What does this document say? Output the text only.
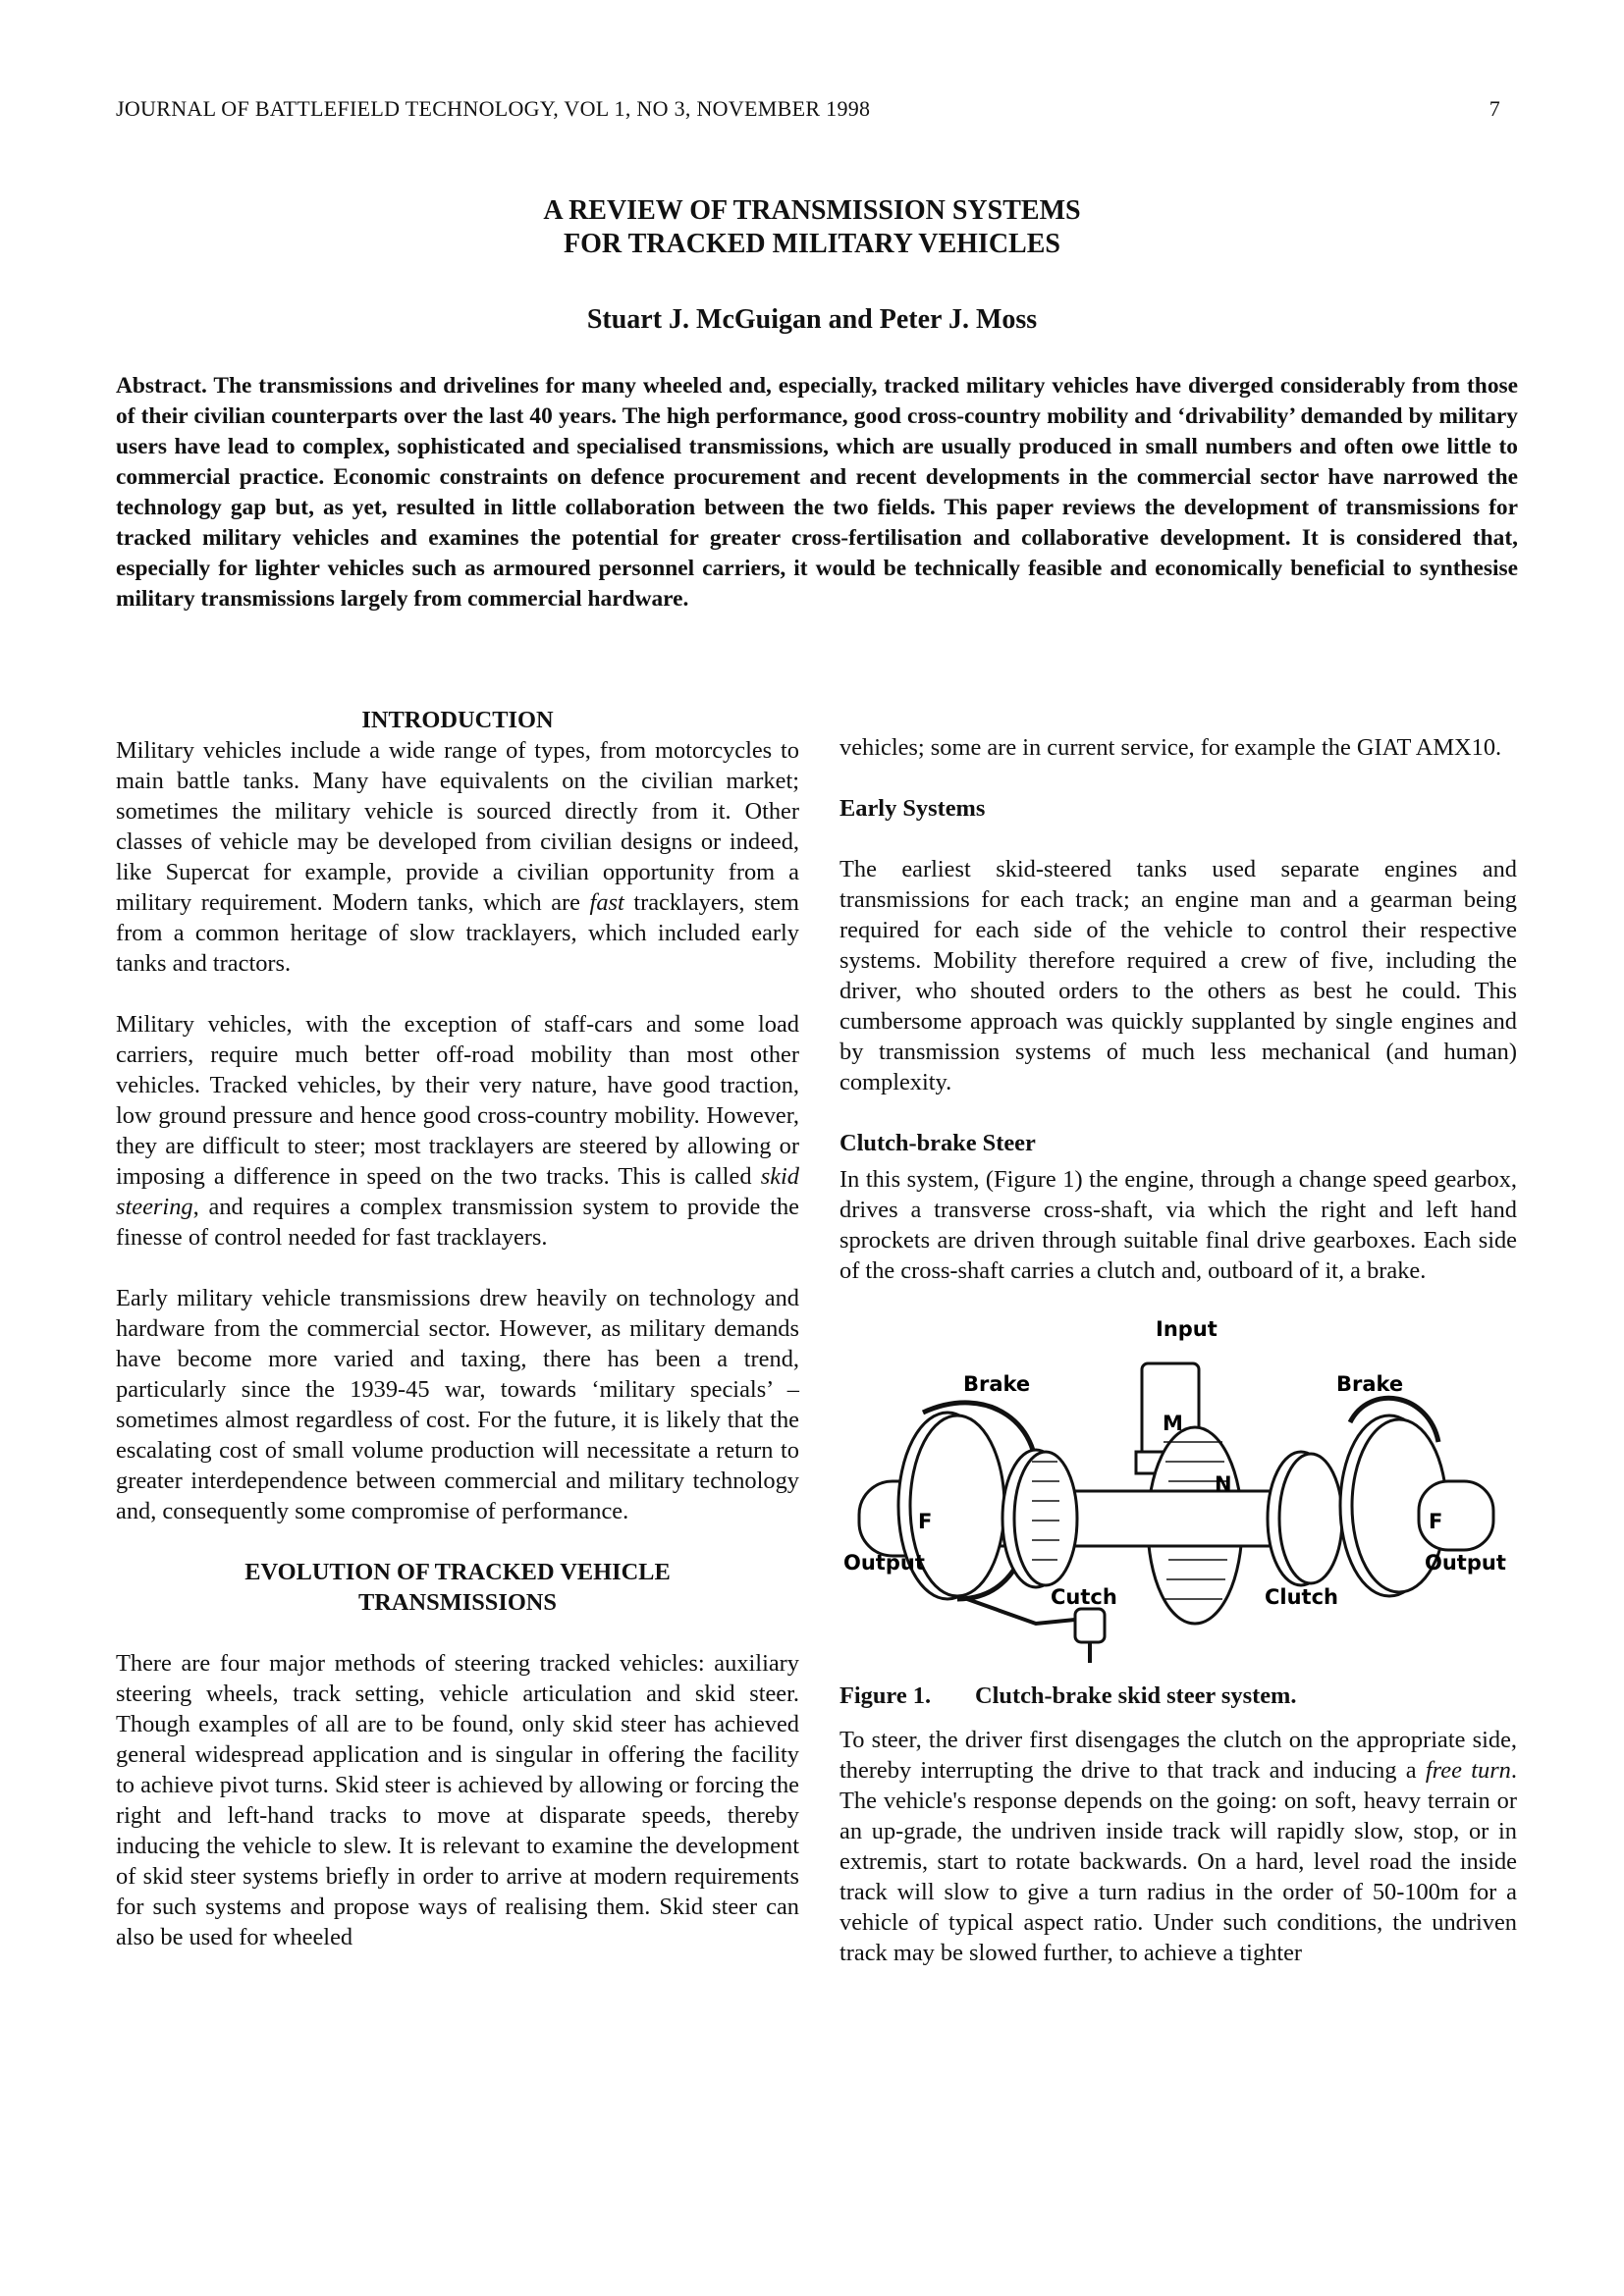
JOURNAL OF BATTLEFIELD TECHNOLOGY, VOL 1, NO 3, NOVEMBER 1998	7
A REVIEW OF TRANSMISSION SYSTEMS
FOR TRACKED MILITARY VEHICLES
Stuart J. McGuigan and Peter J. Moss

Abstract. The transmissions and drivelines for many wheeled and, especially, tracked military vehicles have diverged considerably from those of their civilian counterparts over the last 40 years. The high performance, good cross-country mobility and ‘drivability’ demanded by military users have lead to complex, sophisticated and specialised transmissions, which are usually produced in small numbers and often owe little to commercial practice. Economic constraints on defence procurement and recent developments in the commercial sector have narrowed the technology gap but, as yet, resulted in little collaboration between the two fields. This paper reviews the development of transmissions for tracked military vehicles and examines the potential for greater cross-fertilisation and collaborative development. It is considered that, especially for lighter vehicles such as armoured personnel carriers, it would be technically feasible and economically beneficial to synthesise military transmissions largely from commercial hardware.

INTRODUCTION

Military vehicles include a wide range of types, from motorcycles to main battle tanks. Many have equivalents on the civilian market; sometimes the military vehicle is sourced directly from it. Other classes of vehicle may be developed from civilian designs or indeed, like Supercat for example, provide a civilian opportunity from a military requirement. Modern tanks, which are fast tracklayers, stem from a common heritage of slow tracklayers, which included early tanks and tractors.

Military vehicles, with the exception of staff-cars and some load carriers, require much better off-road mobility than most other vehicles. Tracked vehicles, by their very nature, have good traction, low ground pressure and hence good cross-country mobility. However, they are difficult to steer; most tracklayers are steered by allowing or imposing a difference in speed on the two tracks. This is called skid steering, and requires a complex transmission system to provide the finesse of control needed for fast tracklayers.

Early military vehicle transmissions drew heavily on technology and hardware from the commercial sector. However, as military demands have become more varied and taxing, there has been a trend, particularly since the 1939-45 war, towards ‘military specials’ – sometimes almost regardless of cost. For the future, it is likely that the escalating cost of small volume production will necessitate a return to greater interdependence between commercial and military technology and, consequently some compromise of performance.

EVOLUTION OF TRACKED VEHICLE
TRANSMISSIONS

There are four major methods of steering tracked vehicles: auxiliary steering wheels, track setting, vehicle articulation and skid steer. Though examples of all are to be found, only skid steer has achieved general widespread application and is singular in offering the facility to achieve pivot turns. Skid steer is achieved by allowing or forcing the right and left-hand tracks to move at disparate speeds, thereby inducing the vehicle to slew. It is relevant to examine the development of skid steer systems briefly in order to arrive at modern requirements for such systems and propose ways of realising them. Skid steer can also be used for wheeled

vehicles; some are in current service, for example the GIAT AMX10.

Early Systems

The earliest skid-steered tanks used separate engines and transmissions for each track; an engine man and a gearman being required for each side of the vehicle to control their respective systems. Mobility therefore required a crew of five, including the driver, who shouted orders to the others as best he could. This cumbersome approach was quickly supplanted by single engines and by transmission systems of much less mechanical (and human) complexity.

Clutch-brake Steer

In this system, (Figure 1) the engine, through a change speed gearbox, drives a transverse cross-shaft, via which the right and left hand sprockets are driven through suitable final drive gearboxes. Each side of the cross-shaft carries a clutch and, outboard of it, a brake.

Input
Brake	Brake
M
N
F	F
Output	Output
Cutch	Clutch
Figure 1. Clutch-brake skid steer system.

To steer, the driver first disengages the clutch on the appropriate side, thereby interrupting the drive to that track and inducing a free turn. The vehicle's response depends on the going: on soft, heavy terrain or an up-grade, the undriven inside track will rapidly slow, stop, or in extremis, start to rotate backwards. On a hard, level road the inside track will slow to give a turn radius in the order of 50-100m for a vehicle of typical aspect ratio. Under such conditions, the undriven track may be slowed further, to achieve a tighter
